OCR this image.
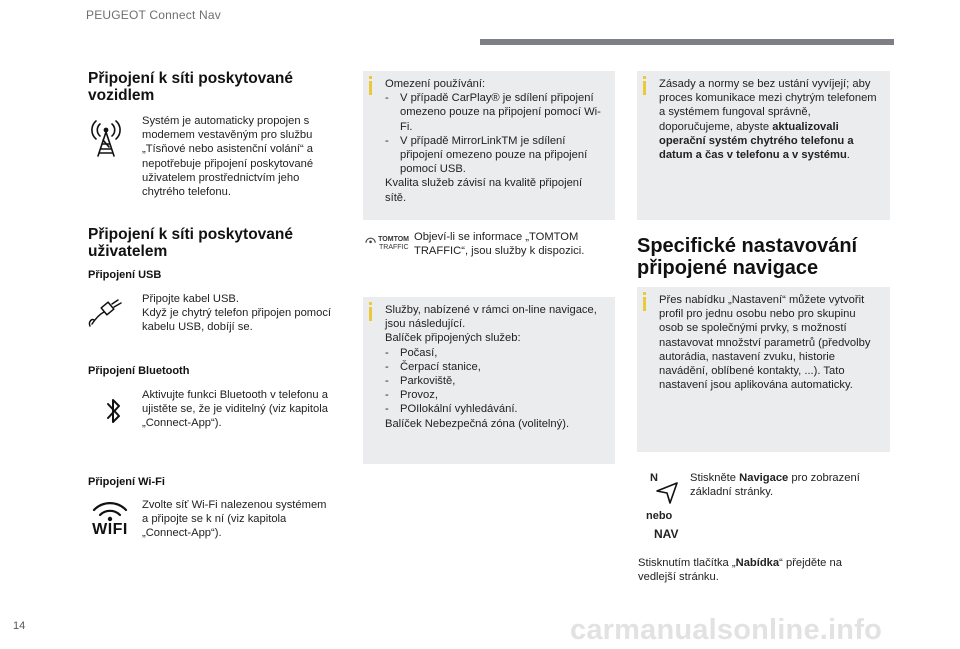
PEUGEOT Connect Nav
Připojení k síti poskytované vozidlem
Systém je automaticky propojen s modemem vestavěným pro službu „Tísňové nebo asistenční volání“ a nepotřebuje připojení poskytované uživatelem prostřednictvím jeho chytrého telefonu.
Připojení k síti poskytované uživatelem
Připojení USB
Připojte kabel USB.
Když je chytrý telefon připojen pomocí kabelu USB, dobíjí se.
Připojení Bluetooth
Aktivujte funkci Bluetooth v telefonu a ujistěte se, že je viditelný (viz kapitola „Connect-App“).
Připojení Wi-Fi
WIFI
Zvolte síť Wi-Fi nalezenou systémem a připojte se k ní (viz kapitola „Connect-App“).
Omezení používání:
- V případě CarPlay® je sdílení připojení omezeno pouze na připojení pomocí Wi-Fi.
- V případě MirrorLinkTM je sdílení připojení omezeno pouze na připojení pomocí USB.
Kvalita služeb závisí na kvalitě připojení sítě.
TOMTOM
TRAFFIC
Objeví-li se informace „TOMTOM TRAFFIC“, jsou služby k dispozici.
Služby, nabízené v rámci on-line navigace, jsou následující.
Balíček připojených služeb:
- Počasí,
- Čerpací stanice,
- Parkoviště,
- Provoz,
- POIlokální vyhledávání.
Balíček Nebezpečná zóna (volitelný).
Zásady a normy se bez ustání vyvíjejí; aby proces komunikace mezi chytrým telefonem a systémem fungoval správně, doporučujeme, abyste aktualizovali operační systém chytrého telefonu a datum a čas v telefonu a v systému.
Specifické nastavování připojené navigace
Přes nabídku „Nastavení“ můžete vytvořit profil pro jednu osobu nebo pro skupinu osob se společnými prvky, s možností nastavovat množství parametrů (předvolby autorádia, nastavení zvuku, historie navádění, oblíbené kontakty, ...). Tato nastavení jsou aplikována automaticky.
N
nebo
NAV
Stiskněte Navigace pro zobrazení základní stránky.
Stisknutím tlačítka „Nabídka“ přejděte na vedlejší stránku.
14	carmanualsonline.info
